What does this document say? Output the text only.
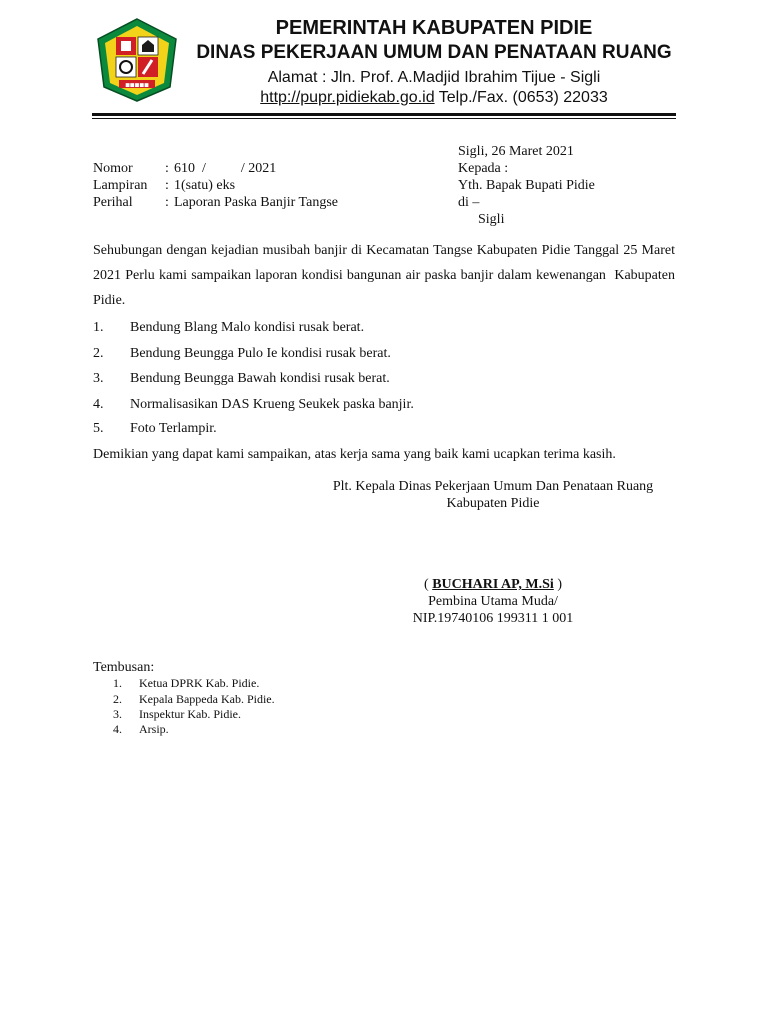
■■■■■
PEMERINTAH KABUPATEN PIDIE
DINAS PEKERJAAN UMUM DAN PENATAAN RUANG
Alamat : Jln. Prof. A.Madjid Ibrahim Tijue - Sigli
http://pupr.pidiekab.go.id Telp./Fax. (0653) 22033
Sigli, 26 Maret 2021
Kepada :
Yth. Bapak Bupati Pidie
di –
Sigli
Nomor : 610  /          / 2021
Lampiran : 1(satu) eks
Perihal : Laporan Paska Banjir Tangse
Sehubungan dengan kejadian musibah banjir di Kecamatan Tangse Kabupaten Pidie Tanggal 25 Maret 2021 Perlu kami sampaikan laporan kondisi bangunan air paska banjir dalam kewenangan  Kabupaten Pidie.
1. Bendung Blang Malo kondisi rusak berat.
2. Bendung Beungga Pulo Ie kondisi rusak berat.
3. Bendung Beungga Bawah kondisi rusak berat.
4. Normalisasikan DAS Krueng Seukek paska banjir.
5. Foto Terlampir.
Demikian yang dapat kami sampaikan, atas kerja sama yang baik kami ucapkan terima kasih.
Plt. Kepala Dinas Pekerjaan Umum Dan Penataan Ruang
Kabupaten Pidie
( BUCHARI AP, M.Si )
Pembina Utama Muda/
NIP.19740106 199311 1 001
Tembusan:
1. Ketua DPRK Kab. Pidie.
2. Kepala Bappeda Kab. Pidie.
3. Inspektur Kab. Pidie.
4. Arsip.
